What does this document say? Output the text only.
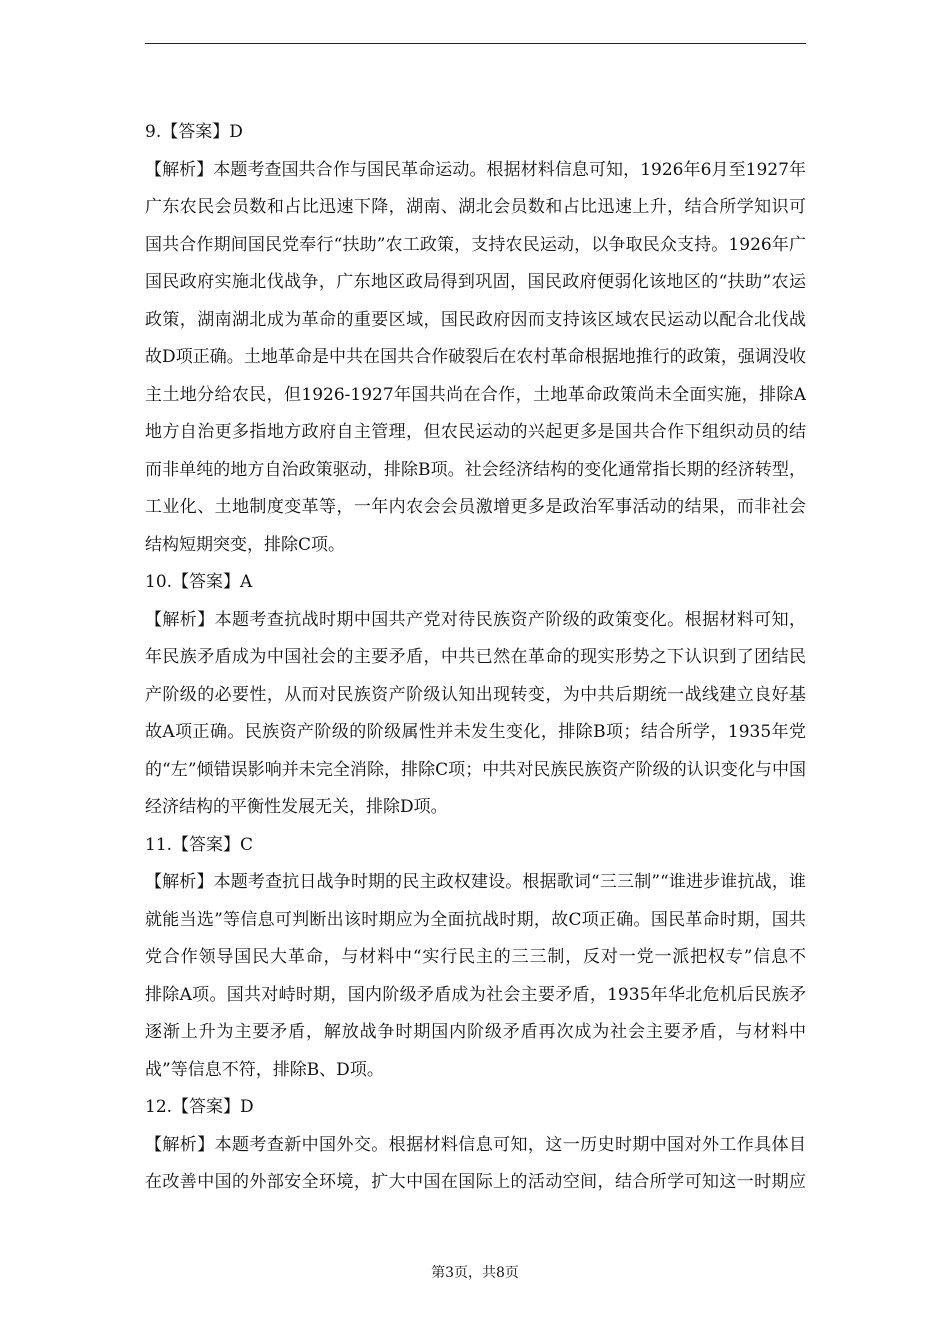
9.【答案】D
【解析】本题考查国共合作与国民革命运动。根据材料信息可知，1926年6月至1927年
广东农民会员数和占比迅速下降，湖南、湖北会员数和占比迅速上升，结合所学知识可
国共合作期间国民党奉行“扶助”农工政策，支持农民运动，以争取民众支持。1926年广
国民政府实施北伐战争，广东地区政局得到巩固，国民政府便弱化该地区的“扶助”农运
政策，湖南湖北成为革命的重要区域，国民政府因而支持该区域农民运动以配合北伐战
故D项正确。土地革命是中共在国共合作破裂后在农村革命根据地推行的政策，强调没收
主土地分给农民，但1926-1927年国共尚在合作，土地革命政策尚未全面实施，排除A
地方自治更多指地方政府自主管理，但农民运动的兴起更多是国共合作下组织动员的结
而非单纯的地方自治政策驱动，排除B项。社会经济结构的变化通常指长期的经济转型，
工业化、土地制度变革等，一年内农会会员激增更多是政治军事活动的结果，而非社会
结构短期突变，排除C项。
10.【答案】A
【解析】本题考查抗战时期中国共产党对待民族资产阶级的政策变化。根据材料可知，
年民族矛盾成为中国社会的主要矛盾，中共已然在革命的现实形势之下认识到了团结民
产阶级的必要性，从而对民族资产阶级认知出现转变，为中共后期统一战线建立良好基
故A项正确。民族资产阶级的阶级属性并未发生变化，排除B项；结合所学，1935年党
的“左”倾错误影响并未完全消除，排除C项；中共对民族民族资产阶级的认识变化与中国
经济结构的平衡性发展无关，排除D项。
11.【答案】C
【解析】本题考查抗日战争时期的民主政权建设。根据歌词“三三制”“谁进步谁抗战，谁
就能当选”等信息可判断出该时期应为全面抗战时期，故C项正确。国民革命时期，国共
党合作领导国民大革命，与材料中“实行民主的三三制，反对一党一派把权专”信息不
排除A项。国共对峙时期，国内阶级矛盾成为社会主要矛盾，1935年华北危机后民族矛
逐渐上升为主要矛盾，解放战争时期国内阶级矛盾再次成为社会主要矛盾，与材料中
战”等信息不符，排除B、D项。
12.【答案】D
【解析】本题考查新中国外交。根据材料信息可知，这一历史时期中国对外工作具体目
在改善中国的外部安全环境，扩大中国在国际上的活动空间，结合所学可知这一时期应
第3页，共8页
